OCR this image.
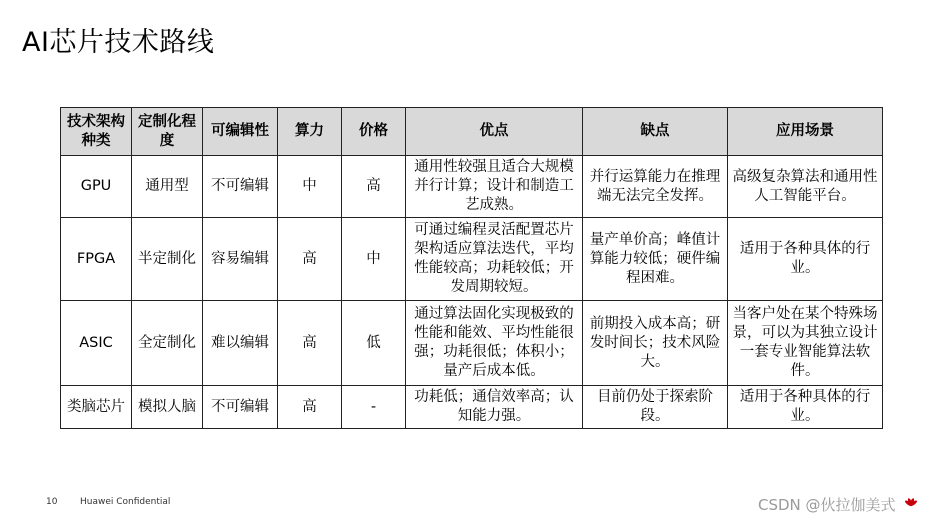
AI芯片技术路线
技术架构种类	定制化程度	可编辑性	算力	价格	优点	缺点	应用场景
GPU	通用型	不可编辑	中	高	通用性较强且适合大规模并行计算；设计和制造工艺成熟。	并行运算能力在推理端无法完全发挥。	高级复杂算法和通用性人工智能平台。
FPGA	半定制化	容易编辑	高	中	可通过编程灵活配置芯片架构适应算法迭代，平均性能较高；功耗较低；开发周期较短。	量产单价高；峰值计算能力较低；硬件编程困难。	适用于各种具体的行业。
ASIC	全定制化	难以编辑	高	低	通过算法固化实现极致的性能和能效、平均性能很强；功耗很低；体积小；量产后成本低。	前期投入成本高；研发时间长；技术风险大。	当客户处在某个特殊场景，可以为其独立设计一套专业智能算法软件。
类脑芯片	模拟人脑	不可编辑	高	-	功耗低；通信效率高；认知能力强。	目前仍处于探索阶段。	适用于各种具体的行业。
10	Huawei Confidential	CSDN @伙拉伽美式
